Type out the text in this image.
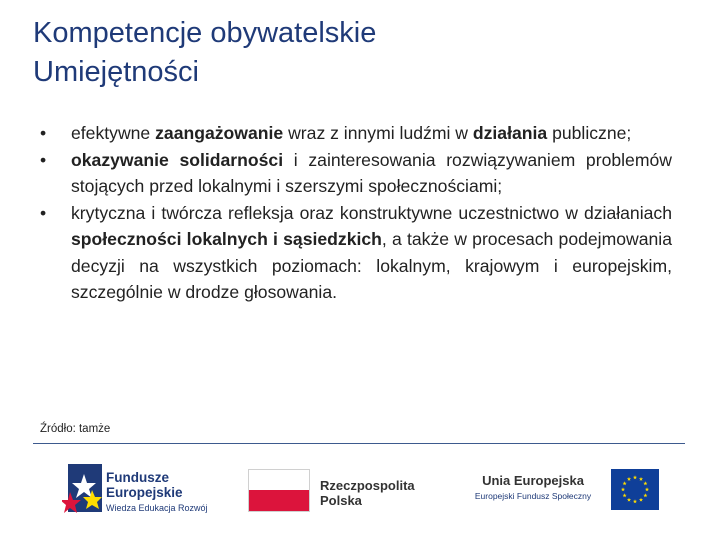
Kompetencje obywatelskie
Umiejętności
• efektywne zaangażowanie wraz z innymi ludźmi w działania publiczne;
• okazywanie solidarności i zainteresowania rozwiązywaniem problemów stojących przed lokalnymi i szerszymi społecznościami;
• krytyczna i twórcza refleksja oraz konstruktywne uczestnictwo w działaniach społeczności lokalnych i sąsiedzkich, a także w procesach podejmowania decyzji na wszystkich poziomach: lokalnym, krajowym i europejskim, szczególnie w drodze głosowania.
Źródło: tamże
Fundusze
Europejskie
Wiedza Edukacja Rozwój
Rzeczpospolita
Polska
Unia Europejska
Europejski Fundusz Społeczny
